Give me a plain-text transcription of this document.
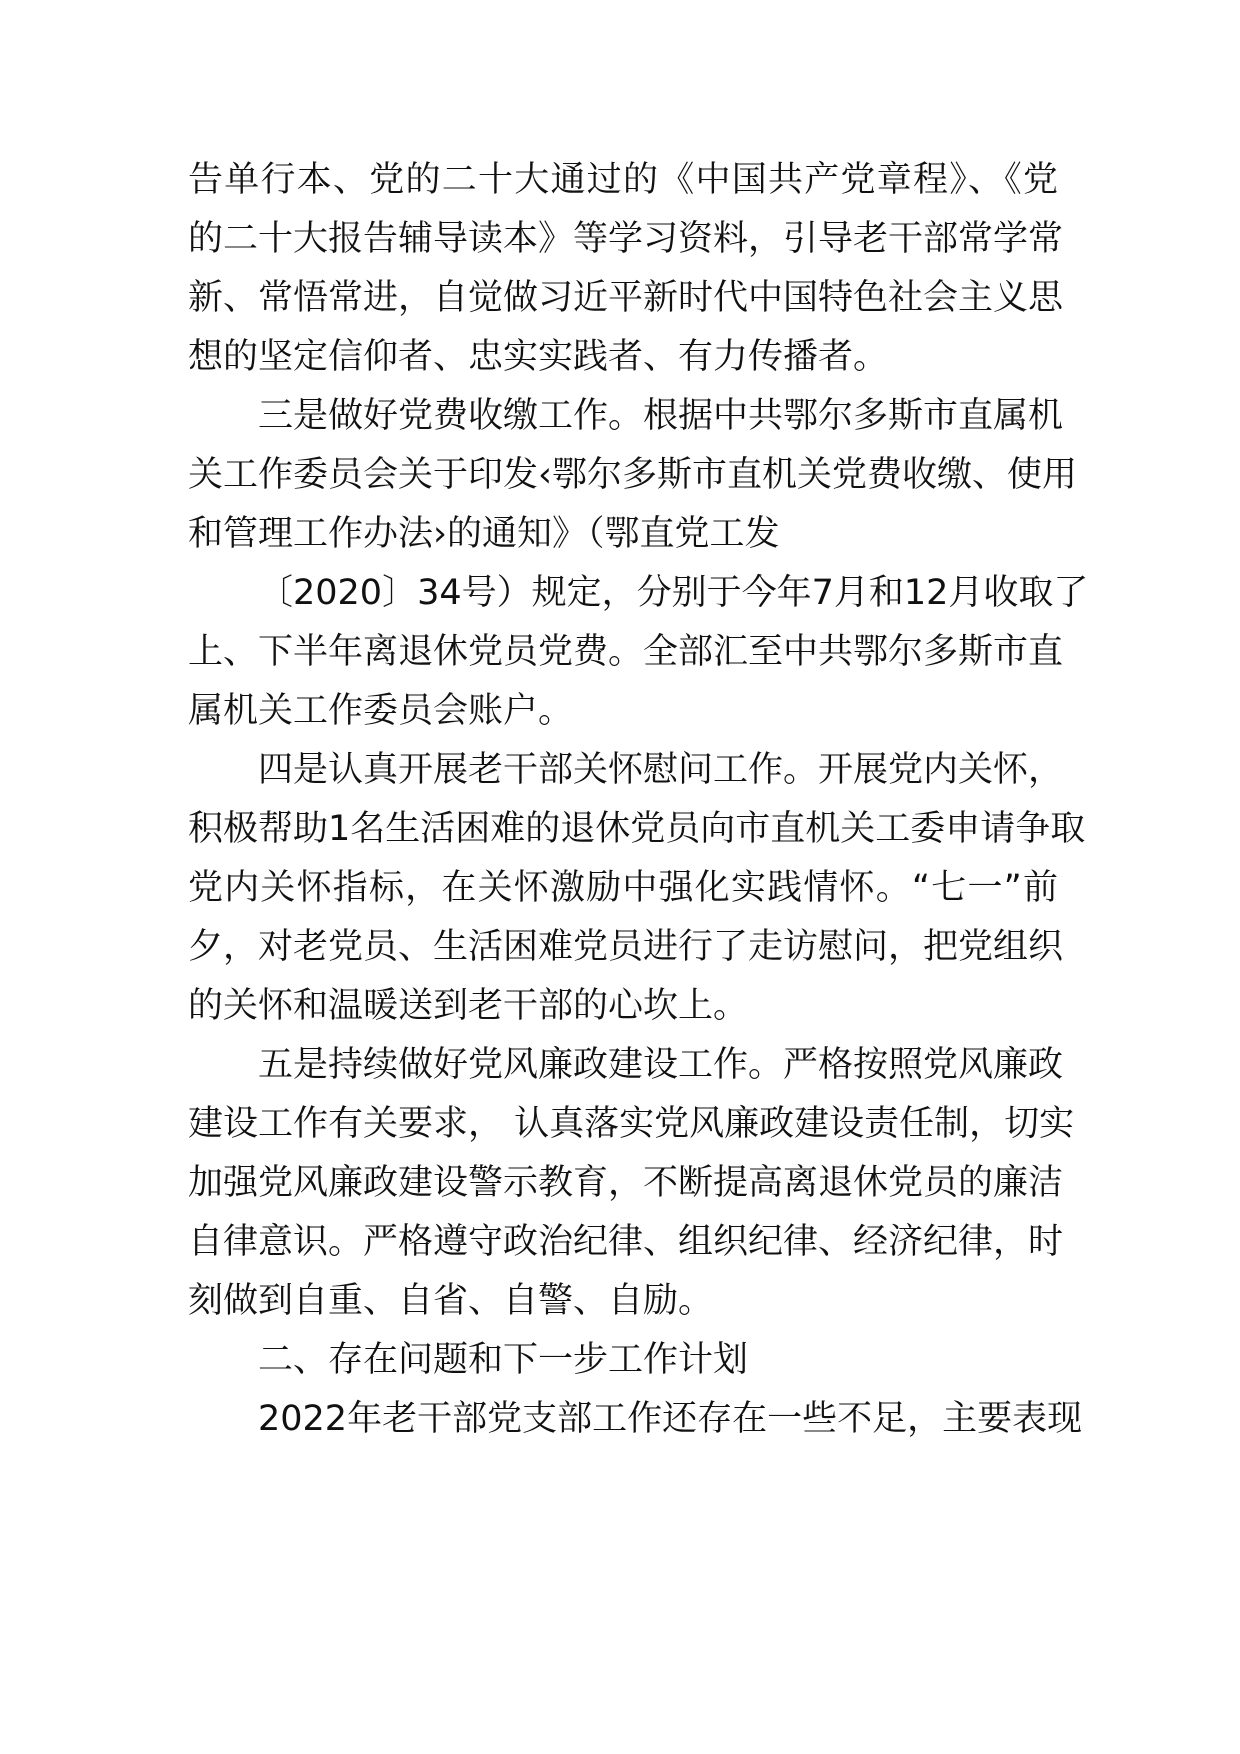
告单行本、党的二十大通过的《中国共产党章程》、《党
的二十大报告辅导读本》等学习资料，引导老干部常学常
新、常悟常进，自觉做习近平新时代中国特色社会主义思
想的坚定信仰者、忠实实践者、有力传播者。
三是做好党费收缴工作。根据中共鄂尔多斯市直属机
关工作委员会关于印发‹鄂尔多斯市直机关党费收缴、使用
和管理工作办法›的通知》（鄂直党工发
〔2020〕34号）规定，分别于今年7月和12月收取了
上、下半年离退休党员党费。全部汇至中共鄂尔多斯市直
属机关工作委员会账户。
四是认真开展老干部关怀慰问工作。开展党内关怀，
积极帮助1名生活困难的退休党员向市直机关工委申请争取
党内关怀指标，在关怀激励中强化实践情怀。“七一”前
夕，对老党员、生活困难党员进行了走访慰问，把党组织
的关怀和温暖送到老干部的心坎上。
五是持续做好党风廉政建设工作。严格按照党风廉政
建设工作有关要求， 认真落实党风廉政建设责任制，切实
加强党风廉政建设警示教育，不断提高离退休党员的廉洁
自律意识。严格遵守政治纪律、组织纪律、经济纪律，时
刻做到自重、自省、自警、自励。
二、存在问题和下一步工作计划
2022年老干部党支部工作还存在一些不足，主要表现
